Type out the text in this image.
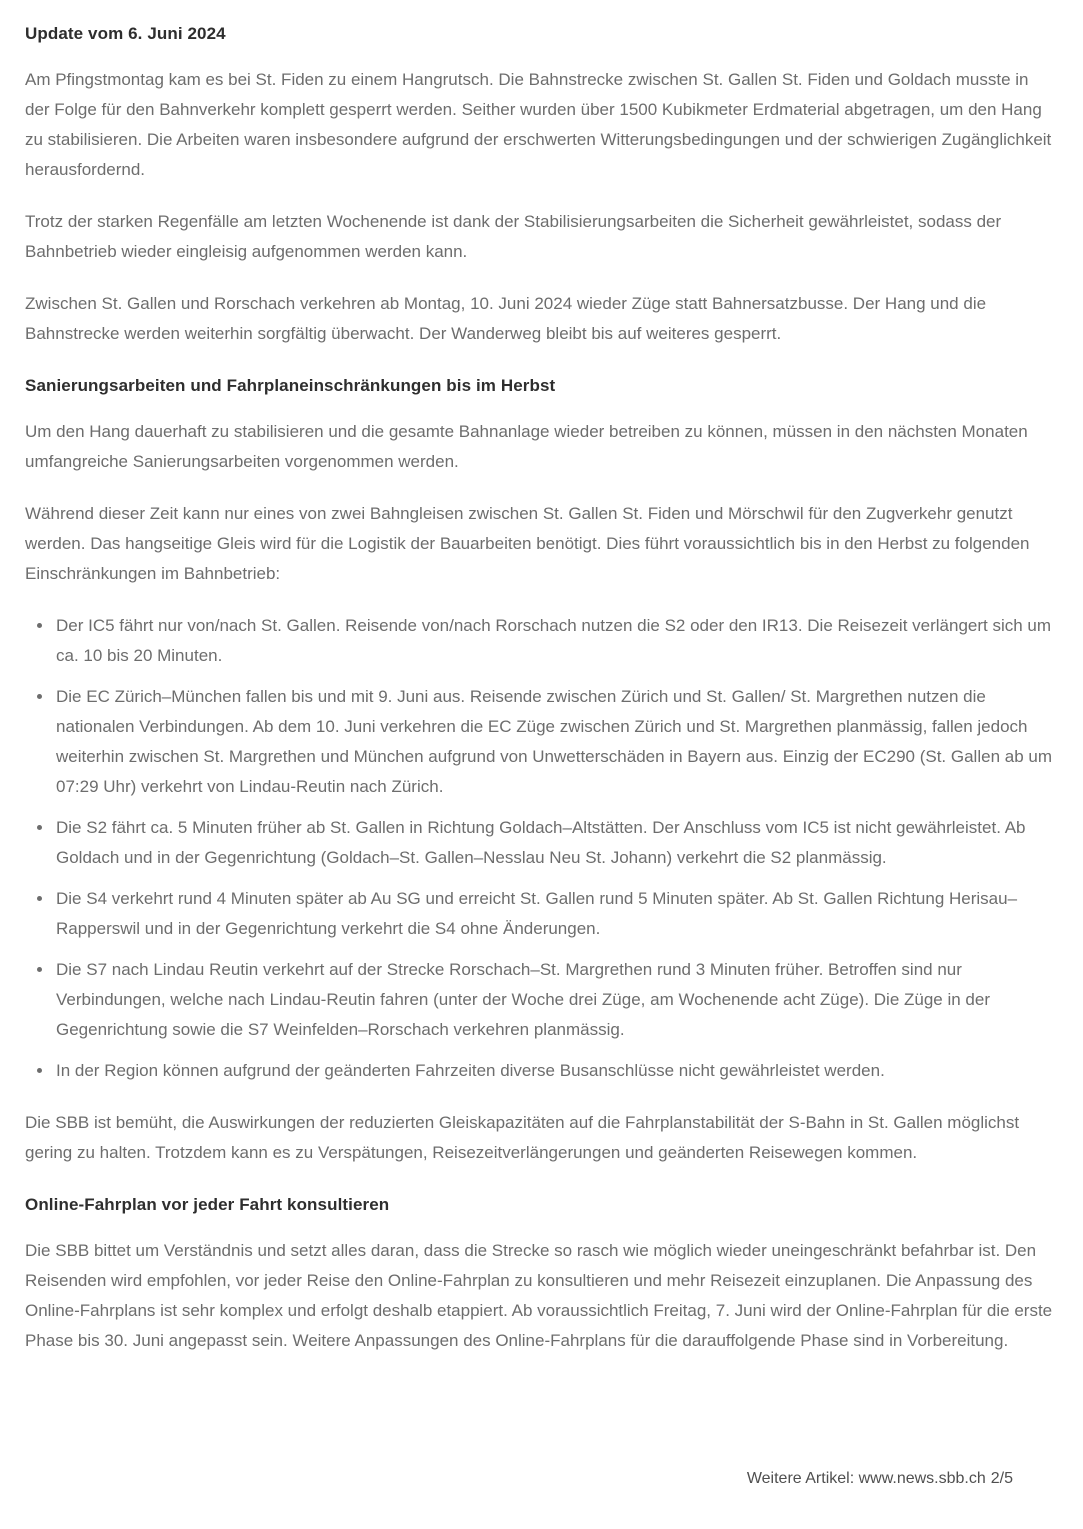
Update vom 6. Juni 2024

Am Pfingstmontag kam es bei St. Fiden zu einem Hangrutsch. Die Bahnstrecke zwischen St. Gallen St. Fiden und Goldach musste in der Folge für den Bahnverkehr komplett gesperrt werden. Seither wurden über 1500 Kubikmeter Erdmaterial abgetragen, um den Hang zu stabilisieren. Die Arbeiten waren insbesondere aufgrund der erschwerten Witterungsbedingungen und der schwierigen Zugänglichkeit herausfordernd.

Trotz der starken Regenfälle am letzten Wochenende ist dank der Stabilisierungsarbeiten die Sicherheit gewährleistet, sodass der Bahnbetrieb wieder eingleisig aufgenommen werden kann.

Zwischen St. Gallen und Rorschach verkehren ab Montag, 10. Juni 2024 wieder Züge statt Bahnersatzbusse. Der Hang und die Bahnstrecke werden weiterhin sorgfältig überwacht. Der Wanderweg bleibt bis auf weiteres gesperrt.

Sanierungsarbeiten und Fahrplaneinschränkungen bis im Herbst

Um den Hang dauerhaft zu stabilisieren und die gesamte Bahnanlage wieder betreiben zu können, müssen in den nächsten Monaten umfangreiche Sanierungsarbeiten vorgenommen werden.

Während dieser Zeit kann nur eines von zwei Bahngleisen zwischen St. Gallen St. Fiden und Mörschwil für den Zugverkehr genutzt werden. Das hangseitige Gleis wird für die Logistik der Bauarbeiten benötigt. Dies führt voraussichtlich bis in den Herbst zu folgenden Einschränkungen im Bahnbetrieb:

Der IC5 fährt nur von/nach St. Gallen. Reisende von/nach Rorschach nutzen die S2 oder den IR13. Die Reisezeit verlängert sich um ca. 10 bis 20 Minuten.
Die EC Zürich–München fallen bis und mit 9. Juni aus. Reisende zwischen Zürich und St. Gallen/ St. Margrethen nutzen die nationalen Verbindungen. Ab dem 10. Juni verkehren die EC Züge zwischen Zürich und St. Margrethen planmässig, fallen jedoch weiterhin zwischen St. Margrethen und München aufgrund von Unwetterschäden in Bayern aus. Einzig der EC290 (St. Gallen ab um 07:29 Uhr) verkehrt von Lindau-Reutin nach Zürich.
Die S2 fährt ca. 5 Minuten früher ab St. Gallen in Richtung Goldach–Altstätten. Der Anschluss vom IC5 ist nicht gewährleistet. Ab Goldach und in der Gegenrichtung (Goldach–St. Gallen–Nesslau Neu St. Johann) verkehrt die S2 planmässig.
Die S4 verkehrt rund 4 Minuten später ab Au SG und erreicht St. Gallen rund 5 Minuten später. Ab St. Gallen Richtung Herisau–Rapperswil und in der Gegenrichtung verkehrt die S4 ohne Änderungen.
Die S7 nach Lindau Reutin verkehrt auf der Strecke Rorschach–St. Margrethen rund 3 Minuten früher. Betroffen sind nur Verbindungen, welche nach Lindau-Reutin fahren (unter der Woche drei Züge, am Wochenende acht Züge). Die Züge in der Gegenrichtung sowie die S7 Weinfelden–Rorschach verkehren planmässig.
In der Region können aufgrund der geänderten Fahrzeiten diverse Busanschlüsse nicht gewährleistet werden.

Die SBB ist bemüht, die Auswirkungen der reduzierten Gleiskapazitäten auf die Fahrplanstabilität der S-Bahn in St. Gallen möglichst gering zu halten. Trotzdem kann es zu Verspätungen, Reisezeitverlängerungen und geänderten Reisewegen kommen.

Online-Fahrplan vor jeder Fahrt konsultieren

Die SBB bittet um Verständnis und setzt alles daran, dass die Strecke so rasch wie möglich wieder uneingeschränkt befahrbar ist. Den Reisenden wird empfohlen, vor jeder Reise den Online-Fahrplan zu konsultieren und mehr Reisezeit einzuplanen. Die Anpassung des Online-Fahrplans ist sehr komplex und erfolgt deshalb etappiert. Ab voraussichtlich Freitag, 7. Juni wird der Online-Fahrplan für die erste Phase bis 30. Juni angepasst sein. Weitere Anpassungen des Online-Fahrplans für die darauffolgende Phase sind in Vorbereitung.

Weitere Artikel: www.news.sbb.ch 2/5
